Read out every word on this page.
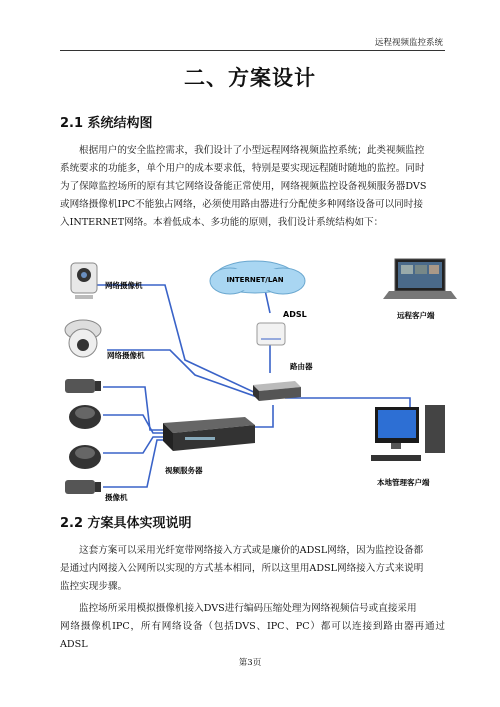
远程视频监控系统
二、方案设计
2.1 系统结构图
根据用户的安全监控需求，我们设计了小型远程网络视频监控系统；此类视频监控
系统要求的功能多，单个用户的成本要求低，特别是要实现远程随时随地的监控。同时
为了保障监控场所的原有其它网络设备能正常使用，网络视频监控设备视频服务器DVS
或网络摄像机IPC不能独占网络，必须使用路由器进行分配使多种网络设备可以同时接
入INTERNET网络。本着低成本、多功能的原则，我们设计系统结构如下：
网络摄像机
网络摄像机
摄像机
视频服务器
INTERNET/LAN
ADSL
路由器
远程客户端
本地管理客户端
2.2 方案具体实现说明
这套方案可以采用光纤宽带网络接入方式或是廉价的ADSL网络，因为监控设备都
是通过内网接入公网所以实现的方式基本相同，所以这里用ADSL网络接入方式来说明
监控实现步骤。
监控场所采用模拟摄像机接入DVS进行编码压缩处理为网络视频信号或直接采用
网络摄像机IPC，所有网络设备（包括DVS、IPC、PC）都可以连接到路由器再通过ADSL
第3页
